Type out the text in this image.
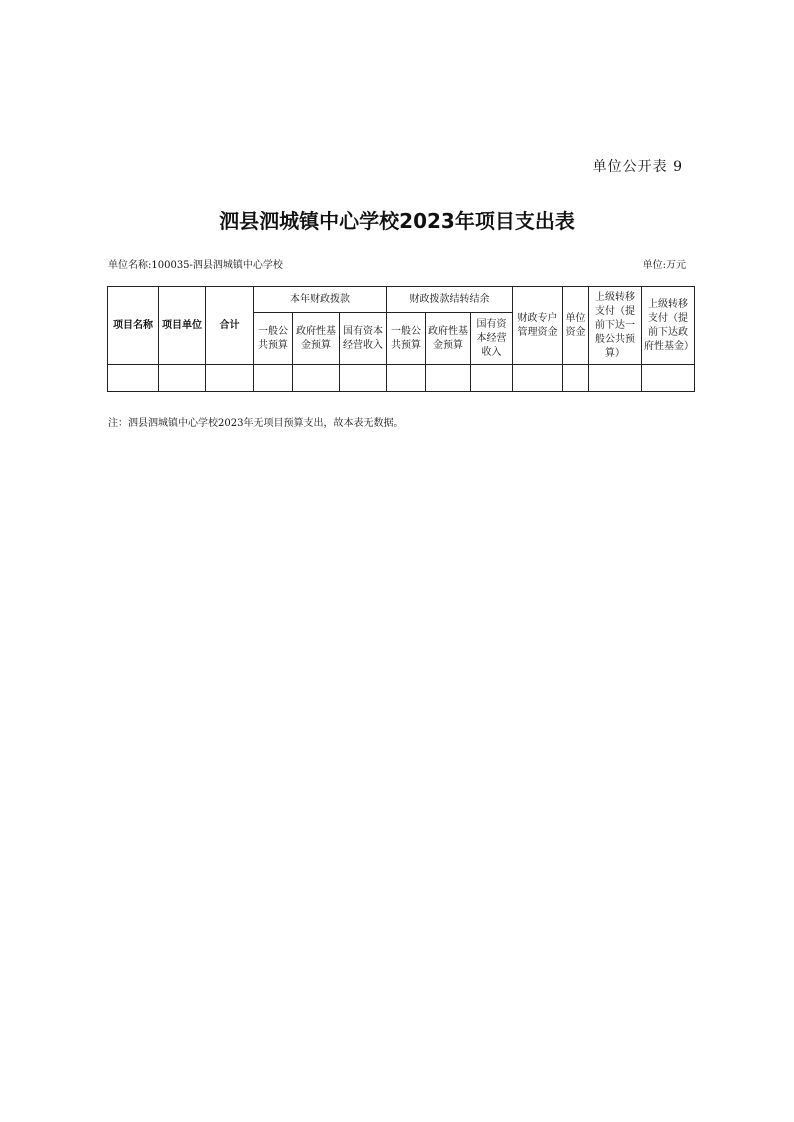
单位公开表 9
泗县泗城镇中心学校2023年项目支出表
单位名称:100035-泗县泗城镇中心学校	单位:万元
项目名称	项目单位	合计	本年财政拨款			财政拨款结转结余			财政专户管理资金	单位资金	上级转移支付（提前下达一般公共预算）	上级转移支付（提前下达政府性基金）
			一般公共预算	政府性基金预算	国有资本经营收入	一般公共预算	政府性基金预算	国有资本经营收入				

注：泗县泗城镇中心学校2023年无项目预算支出，故本表无数据。
